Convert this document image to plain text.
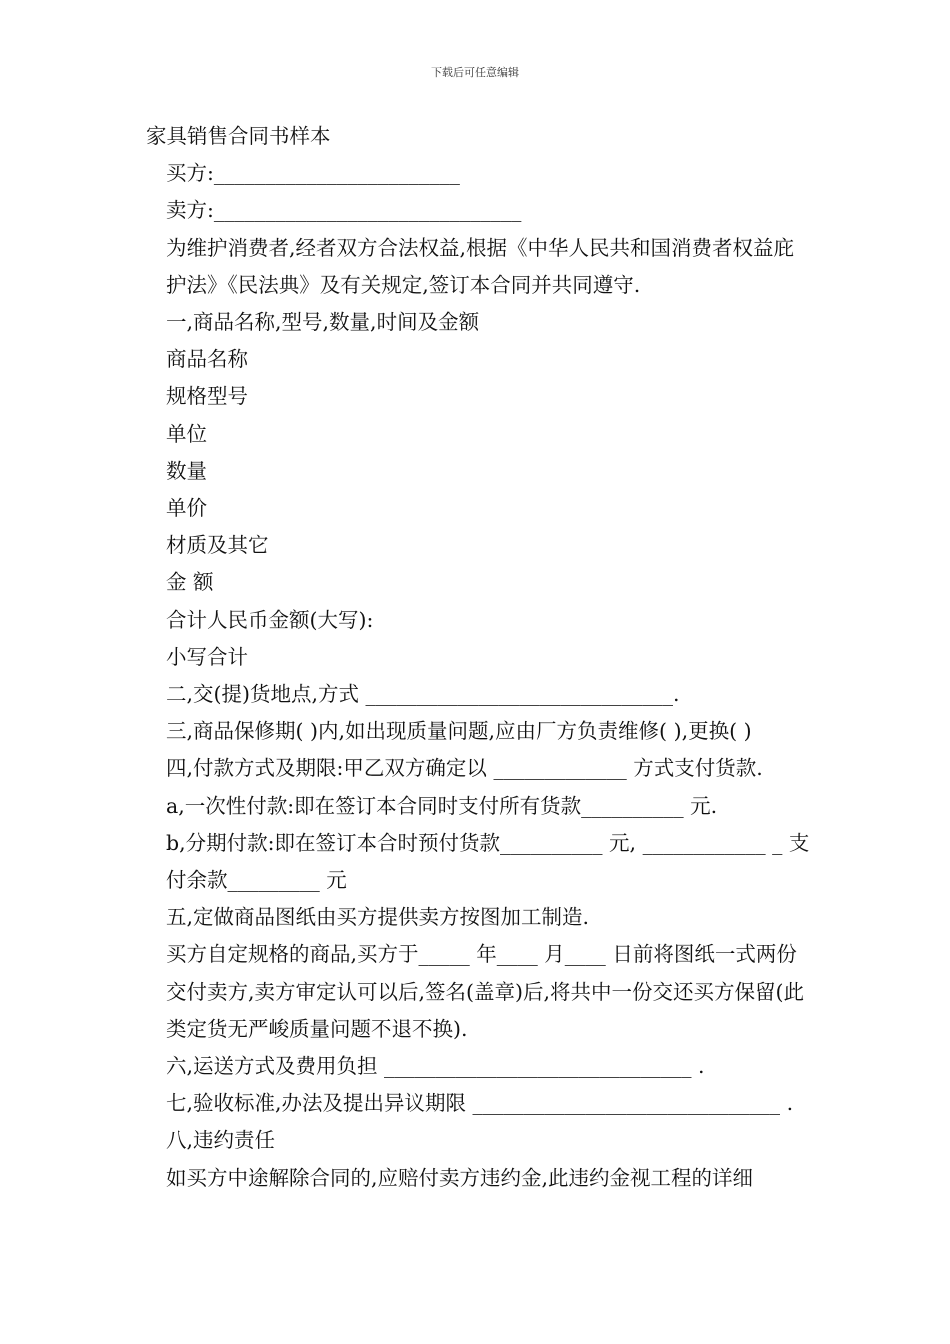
下载后可任意编辑

家具销售合同书样本

买方:________________________

卖方:______________________________

为维护消费者,经者双方合法权益,根据《中华人民共和国消费者权益庇护法》《民法典》及有关规定,签订本合同并共同遵守.

一,商品名称,型号,数量,时间及金额

商品名称

规格型号

单位

数量

单价

材质及其它

金 额

合计人民币金额(大写):

小写合计

二,交(提)货地点,方式 ______________________________.

三,商品保修期( )内,如出现质量问题,应由厂方负责维修( ),更换( )

四,付款方式及期限:甲乙双方确定以 _____________ 方式支付货款.

a,一次性付款:即在签订本合同时支付所有货款__________ 元.

b,分期付款:即在签订本合时预付货款__________ 元, ____________ _ 支付余款_________ 元

五,定做商品图纸由买方提供卖方按图加工制造.

买方自定规格的商品,买方于_____ 年____ 月____ 日前将图纸一式两份交付卖方,卖方审定认可以后,签名(盖章)后,将共中一份交还买方保留(此类定货无严峻质量问题不退不换).

六,运送方式及费用负担 ______________________________ .

七,验收标准,办法及提出异议期限 ______________________________ .

八,违约责任

如买方中途解除合同的,应赔付卖方违约金,此违约金视工程的详细
